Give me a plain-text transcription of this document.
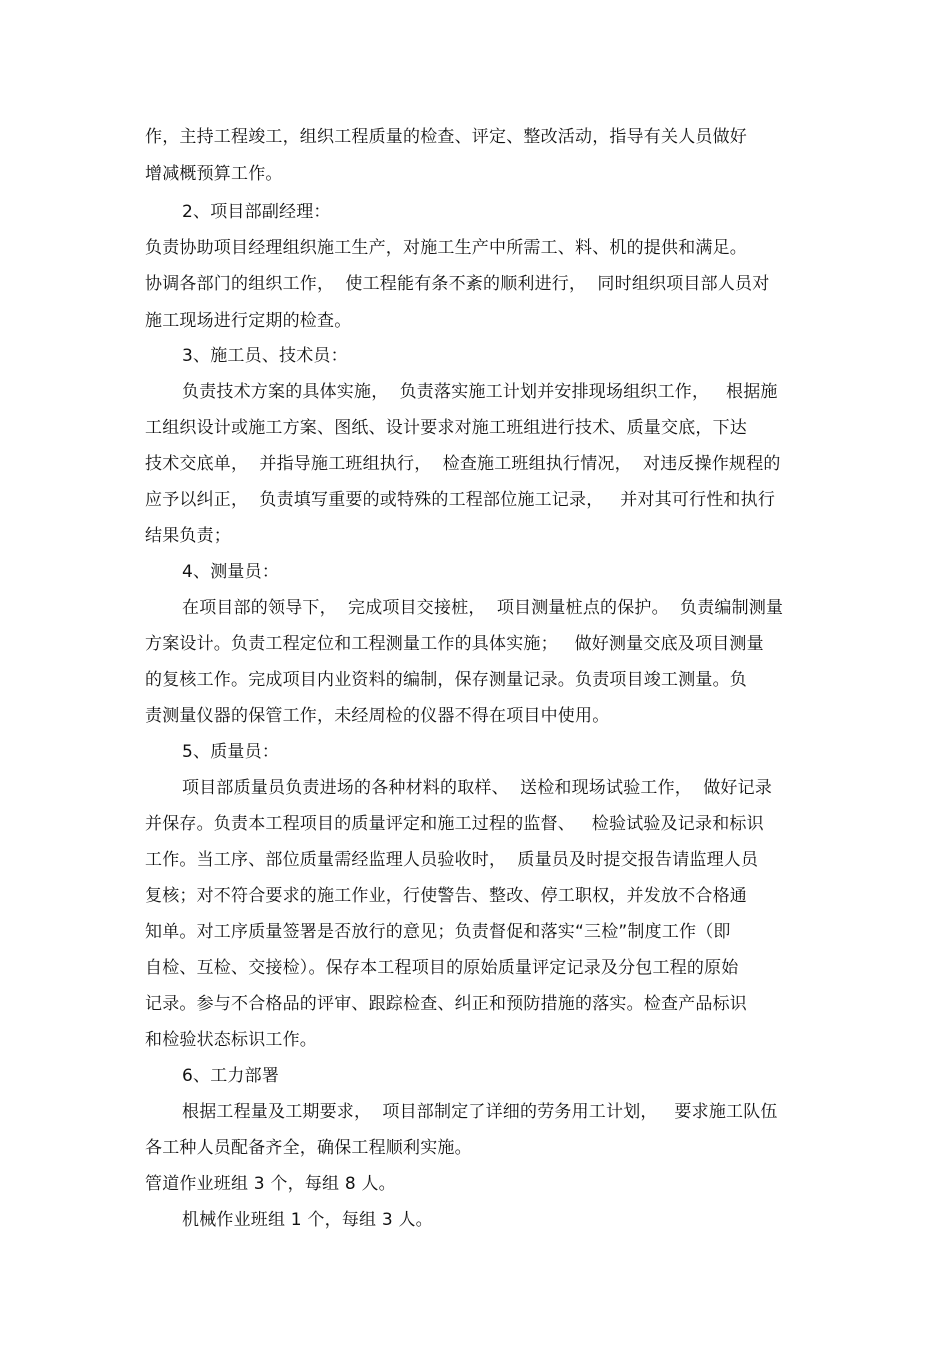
作，主持工程竣工，组织工程质量的检查、评定、整改活动，指导有关人员做好
增减概预算工作。
2、项目部副经理：
负责协助项目经理组织施工生产，对施工生产中所需工、料、机的提供和满足。
协调各部门的组织工作，  使工程能有条不紊的顺利进行，  同时组织项目部人员对
施工现场进行定期的检查。
3、施工员、技术员：
负责技术方案的具体实施，  负责落实施工计划并安排现场组织工作，   根据施
工组织设计或施工方案、图纸、设计要求对施工班组进行技术、质量交底，下达
技术交底单，  并指导施工班组执行，  检查施工班组执行情况，  对违反操作规程的
应予以纠正，  负责填写重要的或特殊的工程部位施工记录，   并对其可行性和执行
结果负责；
4、测量员：
在项目部的领导下，  完成项目交接桩，  项目测量桩点的保护。  负责编制测量
方案设计。负责工程定位和工程测量工作的具体实施；   做好测量交底及项目测量
的复核工作。完成项目内业资料的编制，保存测量记录。负责项目竣工测量。负
责测量仪器的保管工作，未经周检的仪器不得在项目中使用。
5、质量员：
项目部质量员负责进场的各种材料的取样、  送检和现场试验工作，  做好记录
并保存。负责本工程项目的质量评定和施工过程的监督、   检验试验及记录和标识
工作。当工序、部位质量需经监理人员验收时，  质量员及时提交报告请监理人员
复核；对不符合要求的施工作业，行使警告、整改、停工职权，并发放不合格通
知单。对工序质量签署是否放行的意见；负责督促和落实“三检”制度工作（即
自检、互检、交接检）。保存本工程项目的原始质量评定记录及分包工程的原始
记录。参与不合格品的评审、跟踪检查、纠正和预防措施的落实。检查产品标识
和检验状态标识工作。
6、工力部署
根据工程量及工期要求，  项目部制定了详细的劳务用工计划，   要求施工队伍
各工种人员配备齐全，确保工程顺利实施。
管道作业班组 3 个，每组 8 人。
机械作业班组 1 个，每组 3 人。
